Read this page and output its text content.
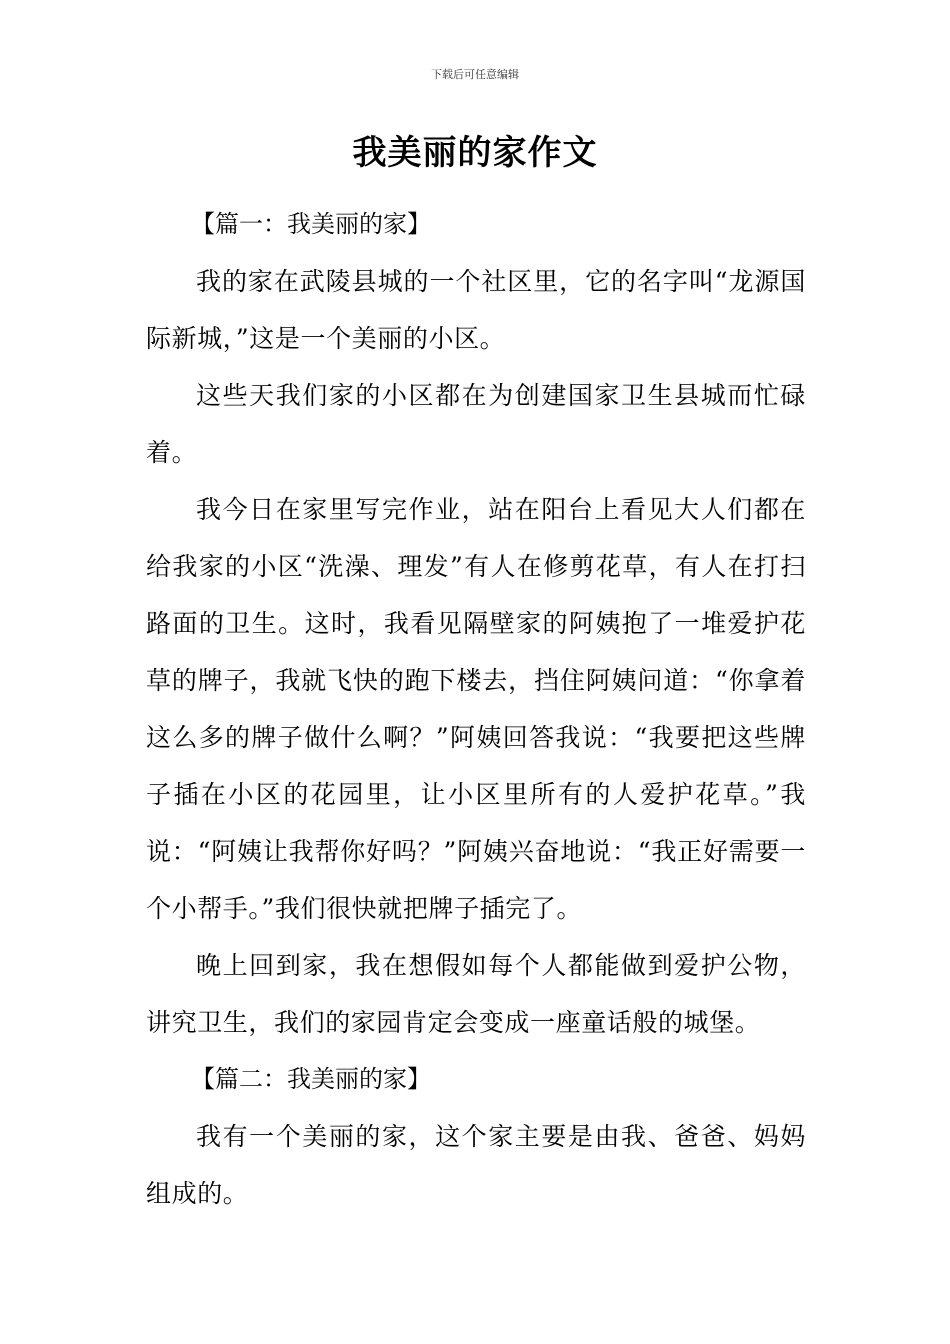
下载后可任意编辑
我美丽的家作文

【篇一：我美丽的家】

我的家在武陵县城的一个社区里，它的名字叫“龙源国际新城，”这是一个美丽的小区。

这些天我们家的小区都在为创建国家卫生县城而忙碌着。

我今日在家里写完作业，站在阳台上看见大人们都在给我家的小区“洗澡、理发”有人在修剪花草，有人在打扫路面的卫生。这时，我看见隔壁家的阿姨抱了一堆爱护花草的牌子，我就飞快的跑下楼去，挡住阿姨问道：“你拿着这么多的牌子做什么啊？”阿姨回答我说：“我要把这些牌子插在小区的花园里，让小区里所有的人爱护花草。”我说：“阿姨让我帮你好吗？”阿姨兴奋地说：“我正好需要一个小帮手。”我们很快就把牌子插完了。

晚上回到家，我在想假如每个人都能做到爱护公物，讲究卫生，我们的家园肯定会变成一座童话般的城堡。

【篇二：我美丽的家】

我有一个美丽的家，这个家主要是由我、爸爸、妈妈组成的。
